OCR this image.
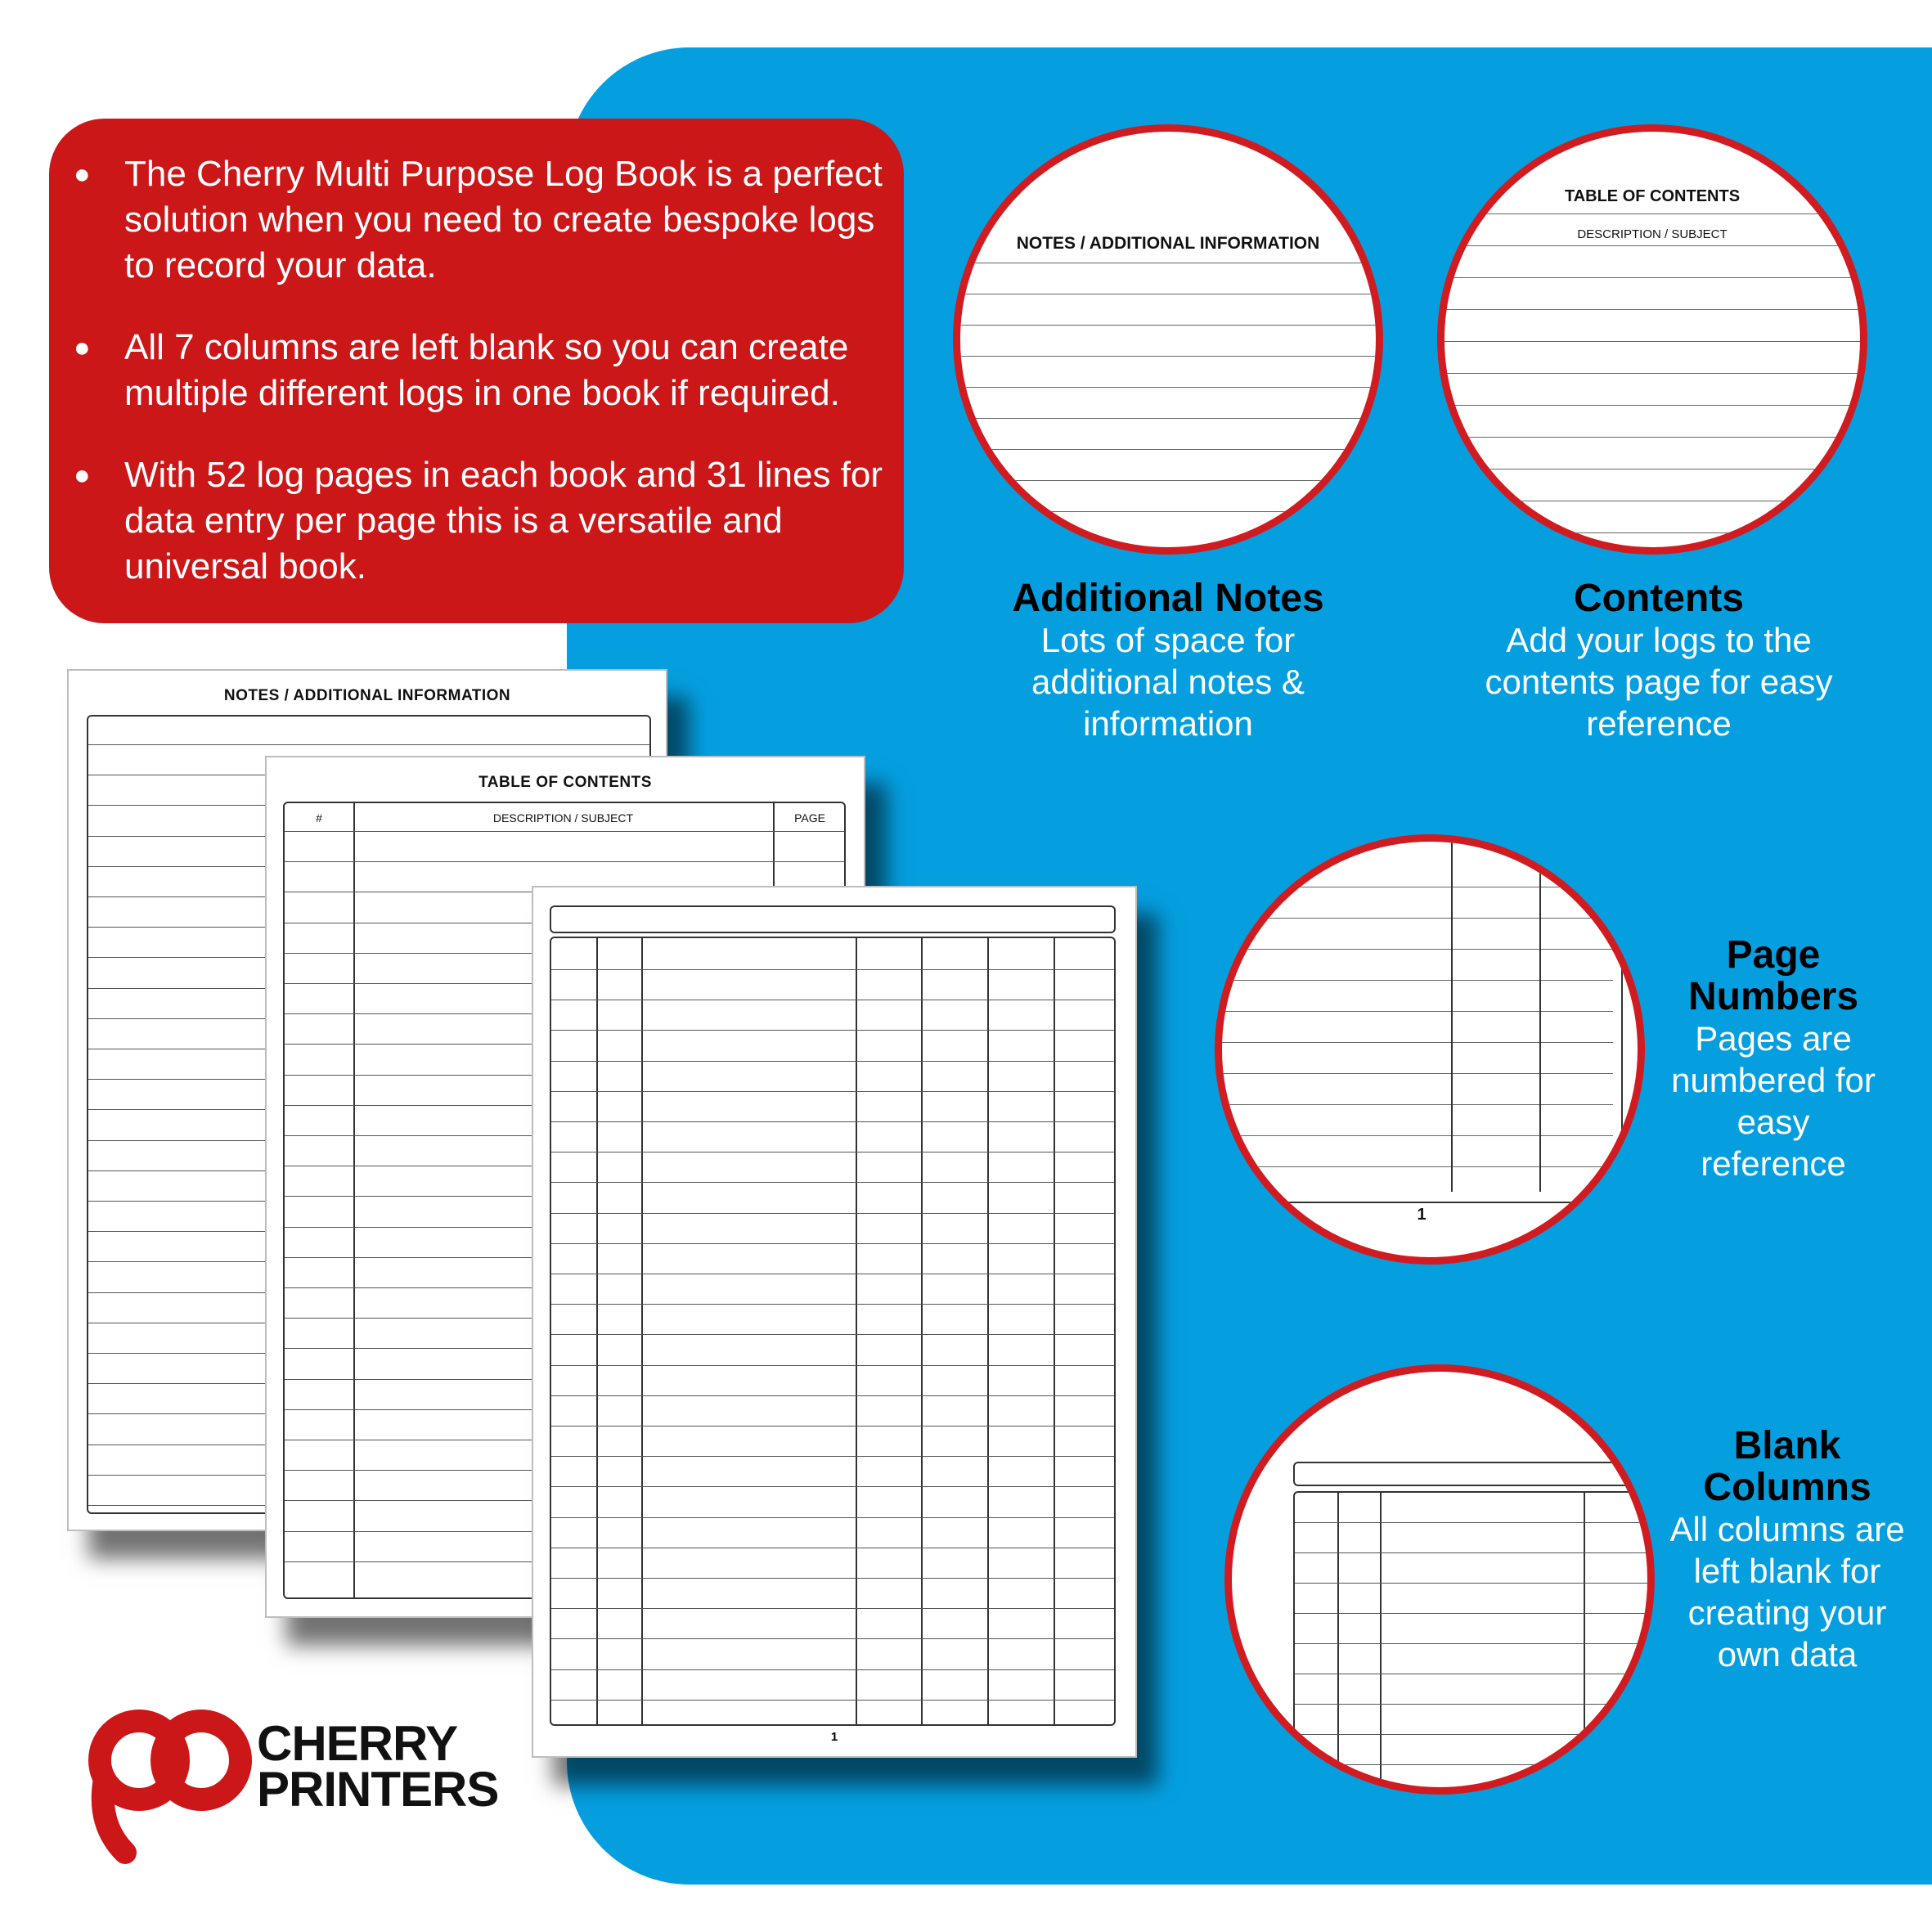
● The Cherry Multi Purpose Log Book is a perfect solution when you need to create bespoke logs to record your data.
● All 7 columns are left blank so you can create multiple different logs in one book if required.
● With 52 log pages in each book and 31 lines for data entry per page this is a versatile and universal book.
NOTES / ADDITIONAL INFORMATION
TABLE OF CONTENTS
#	DESCRIPTION / SUBJECT	PAGE
1
NOTES / ADDITIONAL INFORMATION
TABLE OF CONTENTS
DESCRIPTION / SUBJECT
1
Additional Notes
Lots of space for additional notes & information
Contents
Add your logs to the contents page for easy reference
Page Numbers
Pages are numbered for easy reference
Blank Columns
All columns are left blank for creating your own data
CHERRY
PRINTERS
